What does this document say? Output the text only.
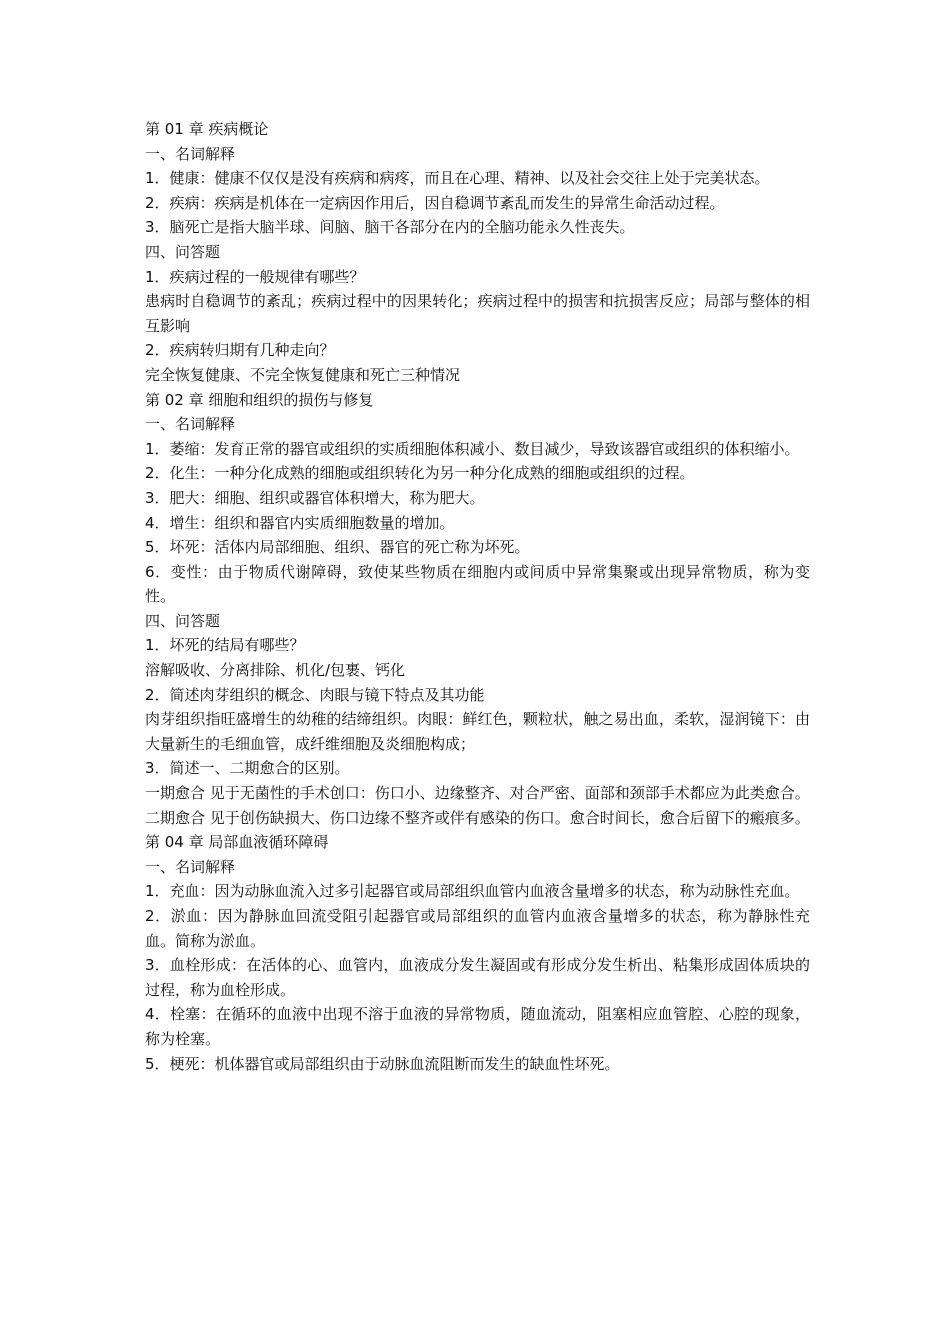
第 01 章 疾病概论
一、名词解释
1．健康：健康不仅仅是没有疾病和病疼，而且在心理、精神、以及社会交往上处于完美状态。
2．疾病：疾病是机体在一定病因作用后，因自稳调节紊乱而发生的异常生命活动过程。
3．脑死亡是指大脑半球、间脑、脑干各部分在内的全脑功能永久性丧失。
四、问答题
1．疾病过程的一般规律有哪些？
患病时自稳调节的紊乱；疾病过程中的因果转化；疾病过程中的损害和抗损害反应；局部与整体的相互影响
2．疾病转归期有几种走向？
完全恢复健康、不完全恢复健康和死亡三种情况
第 02 章 细胞和组织的损伤与修复
一、名词解释
1．萎缩：发育正常的器官或组织的实质细胞体积减小、数目减少，导致该器官或组织的体积缩小。
2．化生：一种分化成熟的细胞或组织转化为另一种分化成熟的细胞或组织的过程。
3．肥大：细胞、组织或器官体积增大，称为肥大。
4．增生：组织和器官内实质细胞数量的增加。
5．坏死：活体内局部细胞、组织、器官的死亡称为坏死。
6．变性：由于物质代谢障碍，致使某些物质在细胞内或间质中异常集聚或出现异常物质，称为变性。
四、问答题
1．坏死的结局有哪些？
溶解吸收、分离排除、机化/包裹、钙化
2．简述肉芽组织的概念、肉眼与镜下特点及其功能
肉芽组织指旺盛增生的幼稚的结缔组织。肉眼：鲜红色，颗粒状，触之易出血，柔软，湿润镜下：由大量新生的毛细血管，成纤维细胞及炎细胞构成；
3．简述一、二期愈合的区别。
一期愈合 见于无菌性的手术创口：伤口小、边缘整齐、对合严密、面部和颈部手术都应为此类愈合。
二期愈合 见于创伤缺损大、伤口边缘不整齐或伴有感染的伤口。愈合时间长，愈合后留下的瘢痕多。
第 04 章 局部血液循环障碍
一、名词解释
1．充血：因为动脉血流入过多引起器官或局部组织血管内血液含量增多的状态，称为动脉性充血。
2．淤血：因为静脉血回流受阻引起器官或局部组织的血管内血液含量增多的状态，称为静脉性充血。简称为淤血。
3．血栓形成：在活体的心、血管内，血液成分发生凝固或有形成分发生析出、粘集形成固体质块的过程，称为血栓形成。
4．栓塞：在循环的血液中出现不溶于血液的异常物质，随血流动，阻塞相应血管腔、心腔的现象，称为栓塞。
5．梗死：机体器官或局部组织由于动脉血流阻断而发生的缺血性坏死。
